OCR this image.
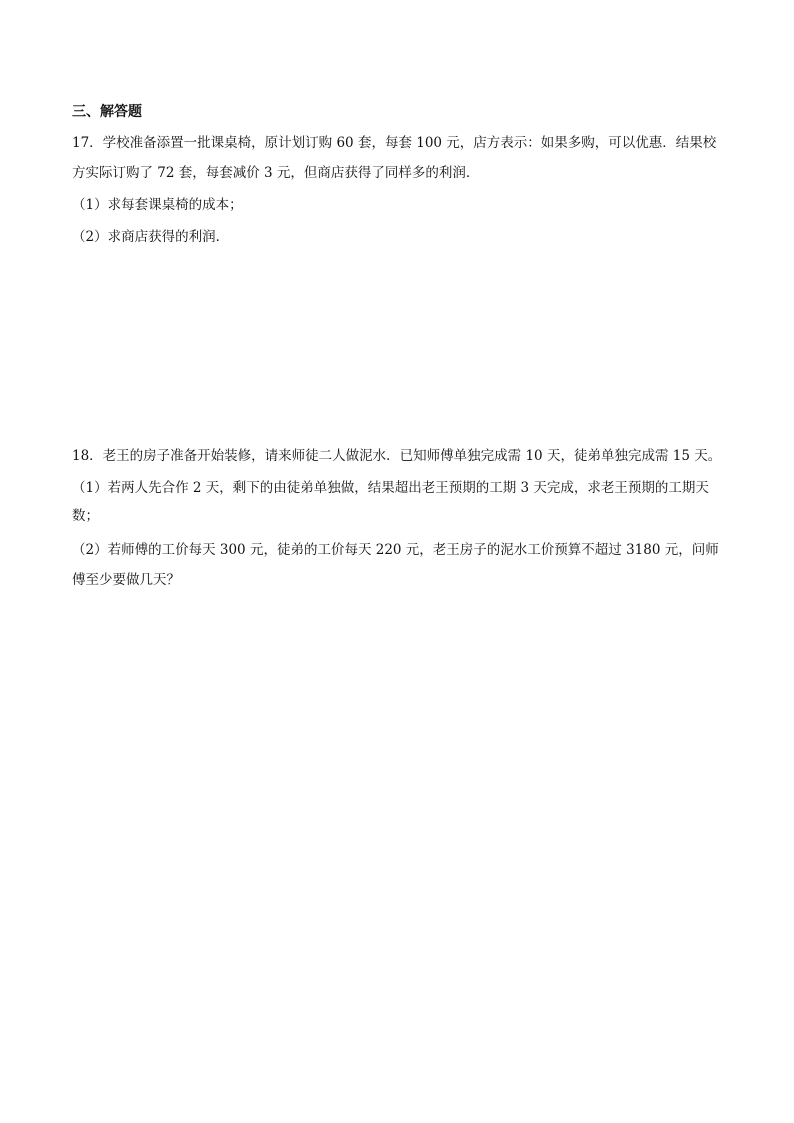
三、解答题
17．学校准备添置一批课桌椅，原计划订购 60 套，每套 100 元，店方表示：如果多购，可以优惠．结果校
方实际订购了 72 套，每套减价 3 元，但商店获得了同样多的利润．
（1）求每套课桌椅的成本；
（2）求商店获得的利润．
18．老王的房子准备开始装修，请来师徒二人做泥水．已知师傅单独完成需 10 天，徒弟单独完成需 15 天。
（1）若两人先合作 2 天，剩下的由徒弟单独做，结果超出老王预期的工期 3 天完成，求老王预期的工期天
数；
（2）若师傅的工价每天 300 元，徒弟的工价每天 220 元，老王房子的泥水工价预算不超过 3180 元，问师
傅至少要做几天？
